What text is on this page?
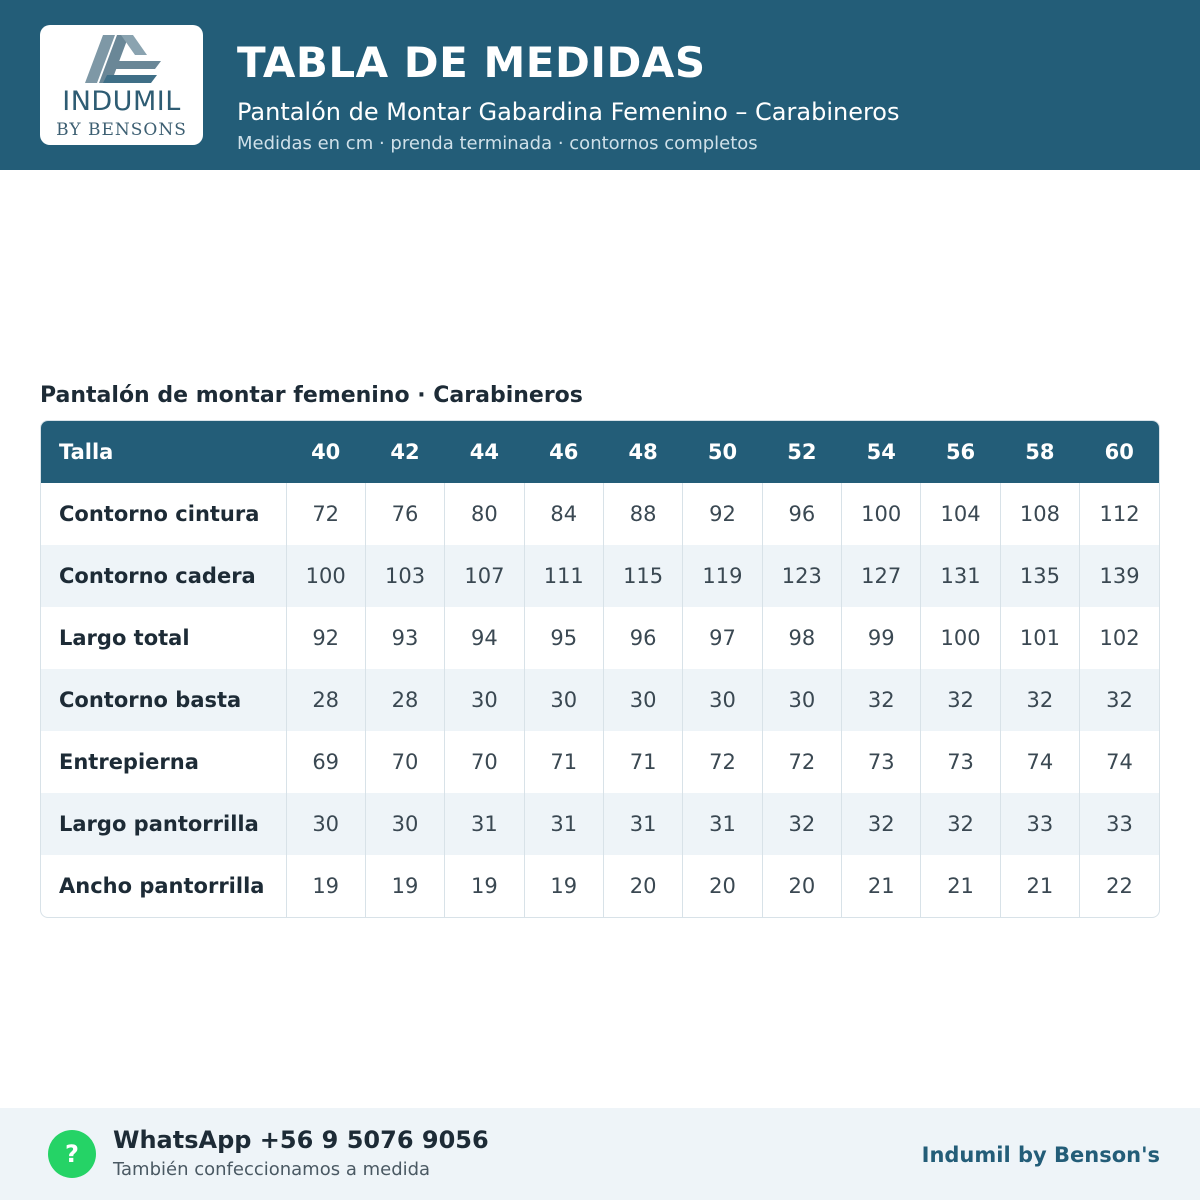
INDUMIL
BY BENSONS
TABLA DE MEDIDAS
Pantalón de Montar Gabardina Femenino – Carabineros
Medidas en cm · prenda terminada · contornos completos
Pantalón de montar femenino · Carabineros
Talla	40	42	44	46	48	50	52	54	56	58	60
Contorno cintura	72	76	80	84	88	92	96	100	104	108	112
Contorno cadera	100	103	107	111	115	119	123	127	131	135	139
Largo total	92	93	94	95	96	97	98	99	100	101	102
Contorno basta	28	28	30	30	30	30	30	32	32	32	32
Entrepierna	69	70	70	71	71	72	72	73	73	74	74
Largo pantorrilla	30	30	31	31	31	31	32	32	32	33	33
Ancho pantorrilla	19	19	19	19	20	20	20	21	21	21	22
?	WhatsApp +56 9 5076 9056
También confeccionamos a medida
Indumil by Benson's
